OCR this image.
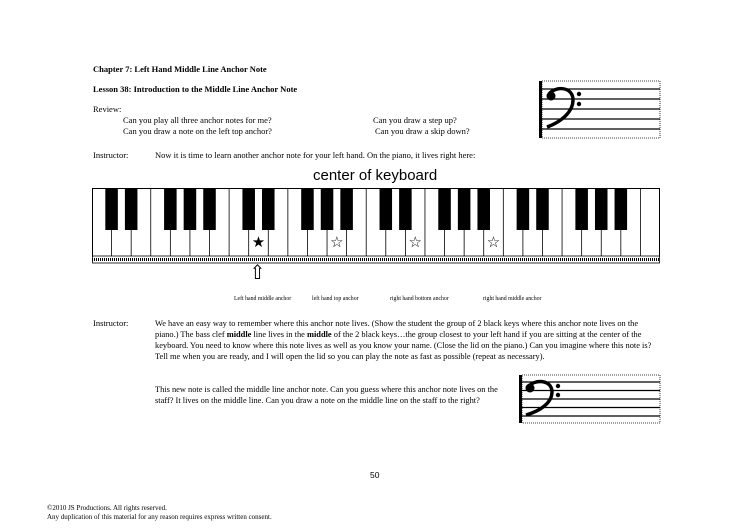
Chapter 7: Left Hand Middle Line Anchor Note
Lesson 38: Introduction to the Middle Line Anchor Note
Review:
Can you play all three anchor notes for me?	Can you draw a step up?
Can you draw a note on the left top anchor?	Can you draw a skip down?
Instructor:	Now it is time to learn another anchor note for your left hand. On the piano, it lives right here:
center of keyboard
★	☆	☆	☆
⇧
Left hand middle anchor	left hand top anchor	right hand bottom anchor	right hand middle anchor
Instructor:	We have an easy way to remember where this anchor note lives. (Show the student the group of 2 black keys where this anchor note lives on the piano.) The bass clef middle line lives in the middle of the 2 black keys…the group closest to your left hand if you are sitting at the center of the keyboard. You need to know where this note lives as well as you know your name. (Close the lid on the piano.) Can you imagine where this note is? Tell me when you are ready, and I will open the lid so you can play the note as fast as possible (repeat as necessary).
This new note is called the middle line anchor note. Can you guess where this anchor note lives on the staff? It lives on the middle line. Can you draw a note on the middle line on the staff to the right?
50
©2010 JS Productions. All rights reserved.
Any duplication of this material for any reason requires express written consent.
